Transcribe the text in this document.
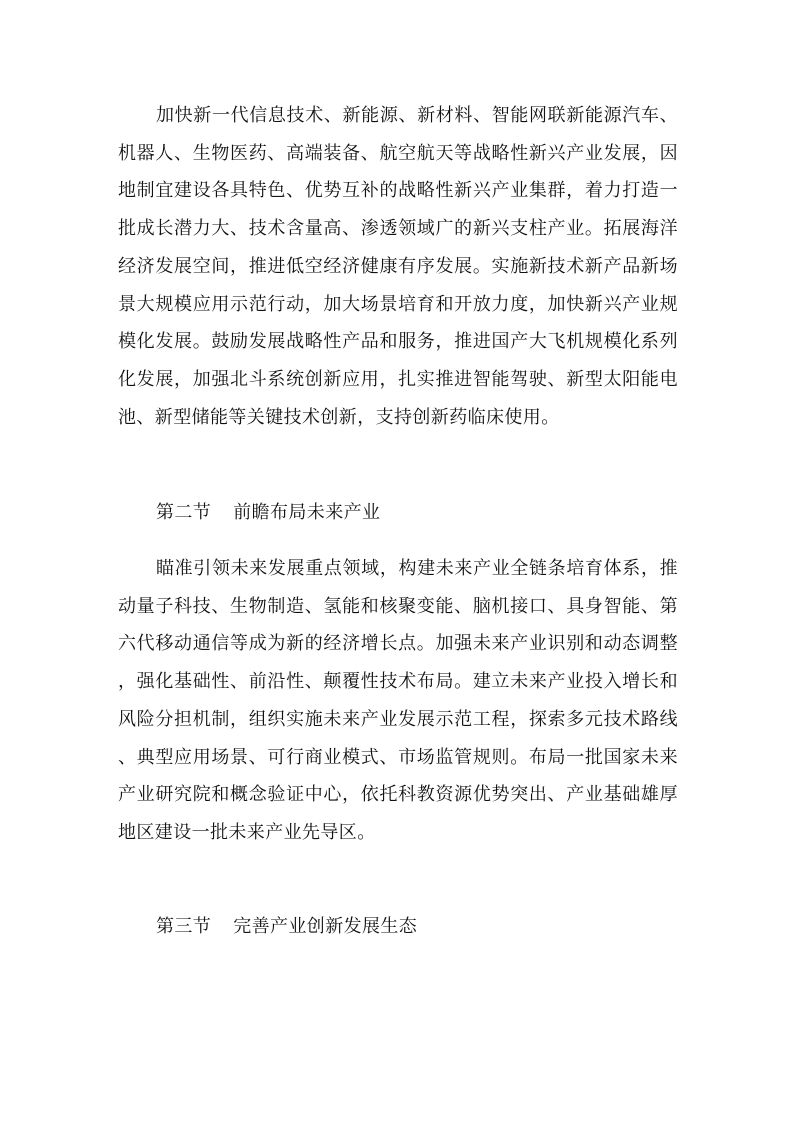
加快新一代信息技术、新能源、新材料、智能网联新能源汽车、机器人、生物医药、高端装备、航空航天等战略性新兴产业发展，因地制宜建设各具特色、优势互补的战略性新兴产业集群，着力打造一批成长潜力大、技术含量高、渗透领域广的新兴支柱产业。拓展海洋经济发展空间，推进低空经济健康有序发展。实施新技术新产品新场景大规模应用示范行动，加大场景培育和开放力度，加快新兴产业规模化发展。鼓励发展战略性产品和服务，推进国产大飞机规模化系列化发展，加强北斗系统创新应用，扎实推进智能驾驶、新型太阳能电池、新型储能等关键技术创新，支持创新药临床使用。

第二节 前瞻布局未来产业

瞄准引领未来发展重点领域，构建未来产业全链条培育体系，推动量子科技、生物制造、氢能和核聚变能、脑机接口、具身智能、第六代移动通信等成为新的经济增长点。加强未来产业识别和动态调整，强化基础性、前沿性、颠覆性技术布局。建立未来产业投入增长和风险分担机制，组织实施未来产业发展示范工程，探索多元技术路线、典型应用场景、可行商业模式、市场监管规则。布局一批国家未来产业研究院和概念验证中心，依托科教资源优势突出、产业基础雄厚地区建设一批未来产业先导区。

第三节 完善产业创新发展生态
